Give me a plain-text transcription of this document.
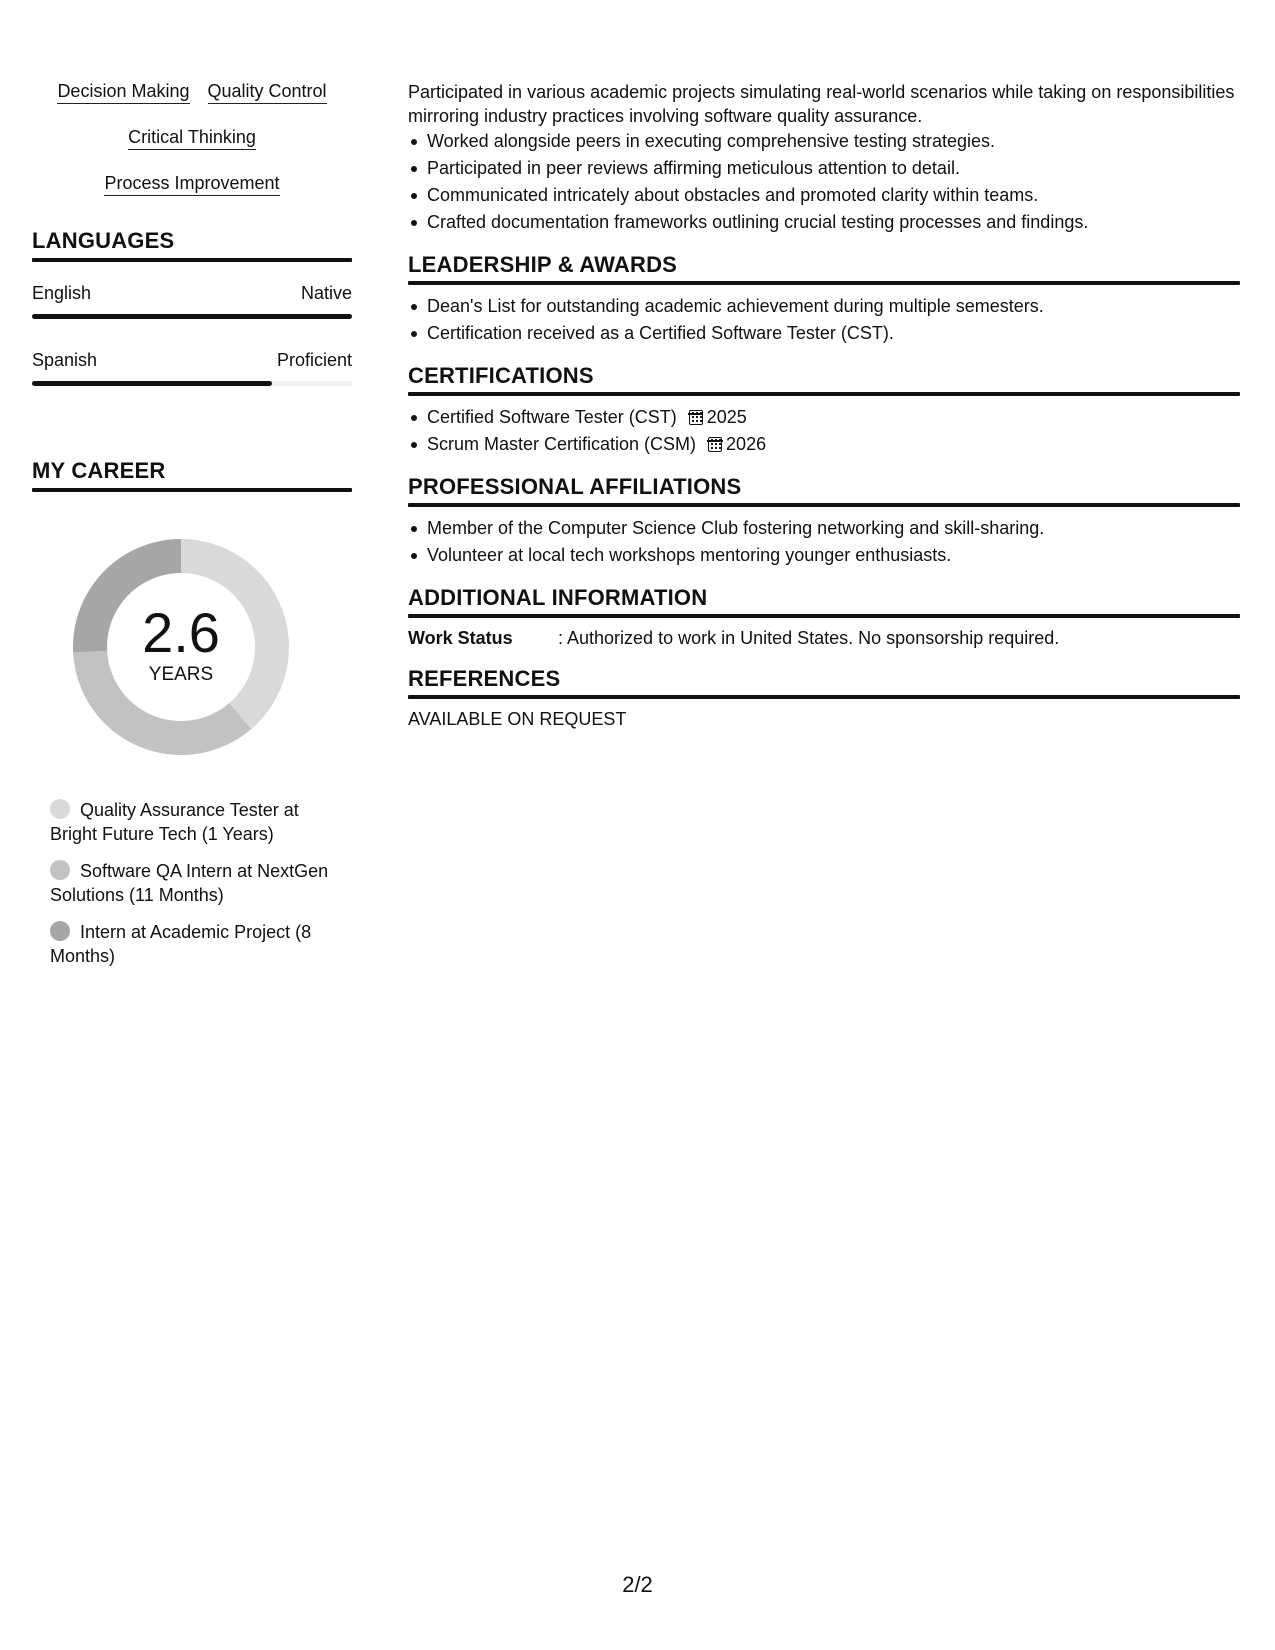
Decision Making Quality Control
Critical Thinking
Process Improvement
LANGUAGES
English	Native
Spanish	Proficient
MY CAREER
2.6
YEARS
Quality Assurance Tester at Bright Future Tech (1 Years)
Software QA Intern at NextGen Solutions (11 Months)
Intern at Academic Project (8 Months)
Participated in various academic projects simulating real-world scenarios while taking on responsibilities mirroring industry practices involving software quality assurance.
Worked alongside peers in executing comprehensive testing strategies.
Participated in peer reviews affirming meticulous attention to detail.
Communicated intricately about obstacles and promoted clarity within teams.
Crafted documentation frameworks outlining crucial testing processes and findings.
LEADERSHIP & AWARDS
Dean's List for outstanding academic achievement during multiple semesters.
Certification received as a Certified Software Tester (CST).
CERTIFICATIONS
Certified Software Tester (CST) 2025
Scrum Master Certification (CSM) 2026
PROFESSIONAL AFFILIATIONS
Member of the Computer Science Club fostering networking and skill-sharing.
Volunteer at local tech workshops mentoring younger enthusiasts.
ADDITIONAL INFORMATION
Work Status	: Authorized to work in United States. No sponsorship required.
REFERENCES
AVAILABLE ON REQUEST
2/2
